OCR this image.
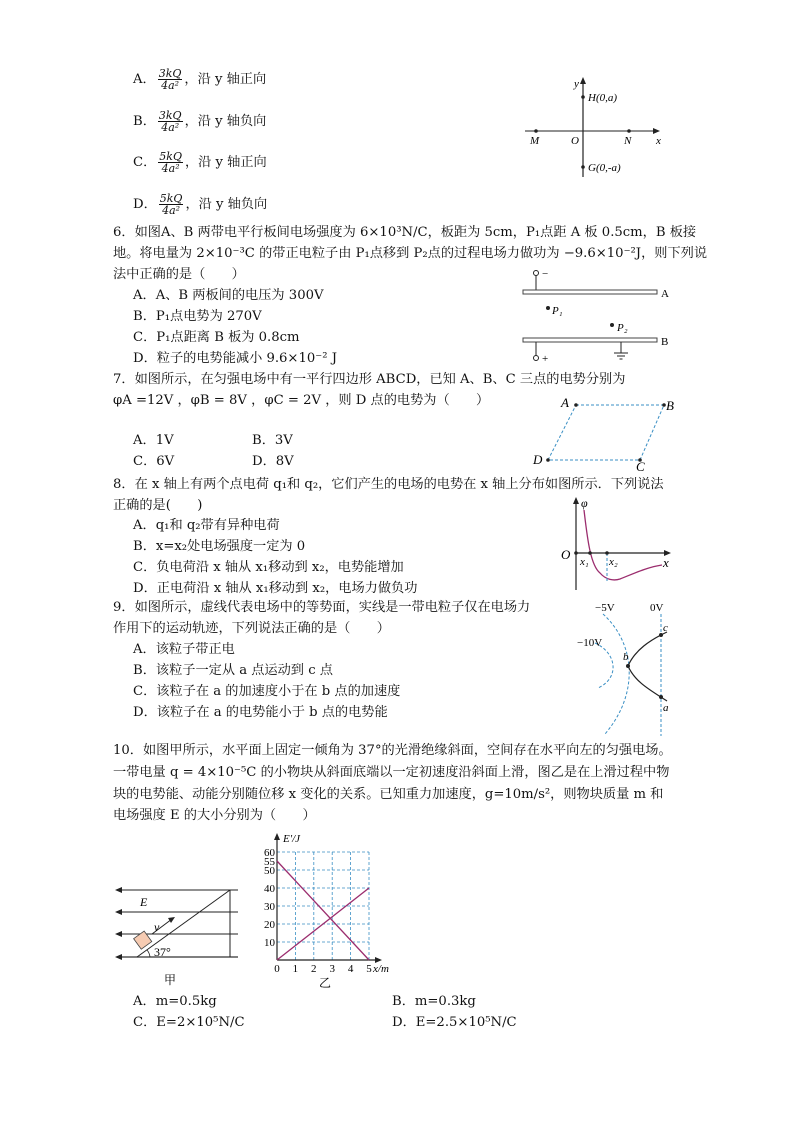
A． $\frac{3kQ}{\text{4a²}}$ ，沿 y 轴正向
B． $\frac{3kQ}{\text{4a²}}$ ，沿 y 轴负向
C． $\frac{5kQ}{\text{4a²}}$ ，沿 y 轴正向
D． $\frac{5kQ}{\text{4a²}}$ ，沿 y 轴负向
y
x
H(0,a)
G(0,-a)
M	O	N
6．如图A、B 两带电平行板间电场强度为 6×10³N/C，板距为 5cm，P₁点距 A 板 0.5cm，B 板接
地。将电量为 2×10⁻³C 的带正电粒子由 P₁点移到 P₂点的过程电场力做功为 −9.6×10⁻²J，则下列说
法中正确的是（　　）
A．A、B 两板间的电压为 300V
B．P₁点电势为 270V
C．P₁点距离 B 板为 0.8cm
D．粒子的电势能减小 9.6×10⁻² J
−
A
P₁
P₂
B
+
7．如图所示，在匀强电场中有一平行四边形 ABCD，已知 A、B、C 三点的电势分别为
φA =12V ，φB = 8V ，φC = 2V ，则 D 点的电势为（　　）
A．1V	B．3V
C．6V	D．8V
A	B
C
D
8．在 x 轴上有两个点电荷 q₁和 q₂，它们产生的电场的电势在 x 轴上分布如图所示．下列说法
正确的是(　　)
A．q₁和 q₂带有异种电荷
B．x=x₂处电场强度一定为 0
C．负电荷沿 x 轴从 x₁移动到 x₂，电势能增加
D．正电荷沿 x 轴从 x₁移动到 x₂，电场力做负功
φ
O x₁ x₂	x
9．如图所示，虚线代表电场中的等势面，实线是一带电粒子仅在电场力
作用下的运动轨迹，下列说法正确的是（　　）
A．该粒子带正电
B．该粒子一定从 a 点运动到 c 点
C．该粒子在 a 的加速度小于在 b 点的加速度
D．该粒子在 a 的电势能小于 b 点的电势能
−5V	0V
−10V
c
b
a
10．如图甲所示，水平面上固定一倾角为 37°的光滑绝缘斜面，空间存在水平向左的匀强电场。
一带电量 q = 4×10⁻⁵C 的小物块从斜面底端以一定初速度沿斜面上滑，图乙是在上滑过程中物
块的电势能、动能分别随位移 x 变化的关系。已知重力加速度，g=10m/s²，则物块质量 m 和
电场强度 E 的大小分别为（　　）
A．m=0.5kg	B．m=0.3kg
C．E=2×10⁵N/C	D．E=2.5×10⁵N/C
E
v
37°
甲
E'/J
x/m
10
20
30
40
50
55
60
0 1 2 3 4 5
乙
